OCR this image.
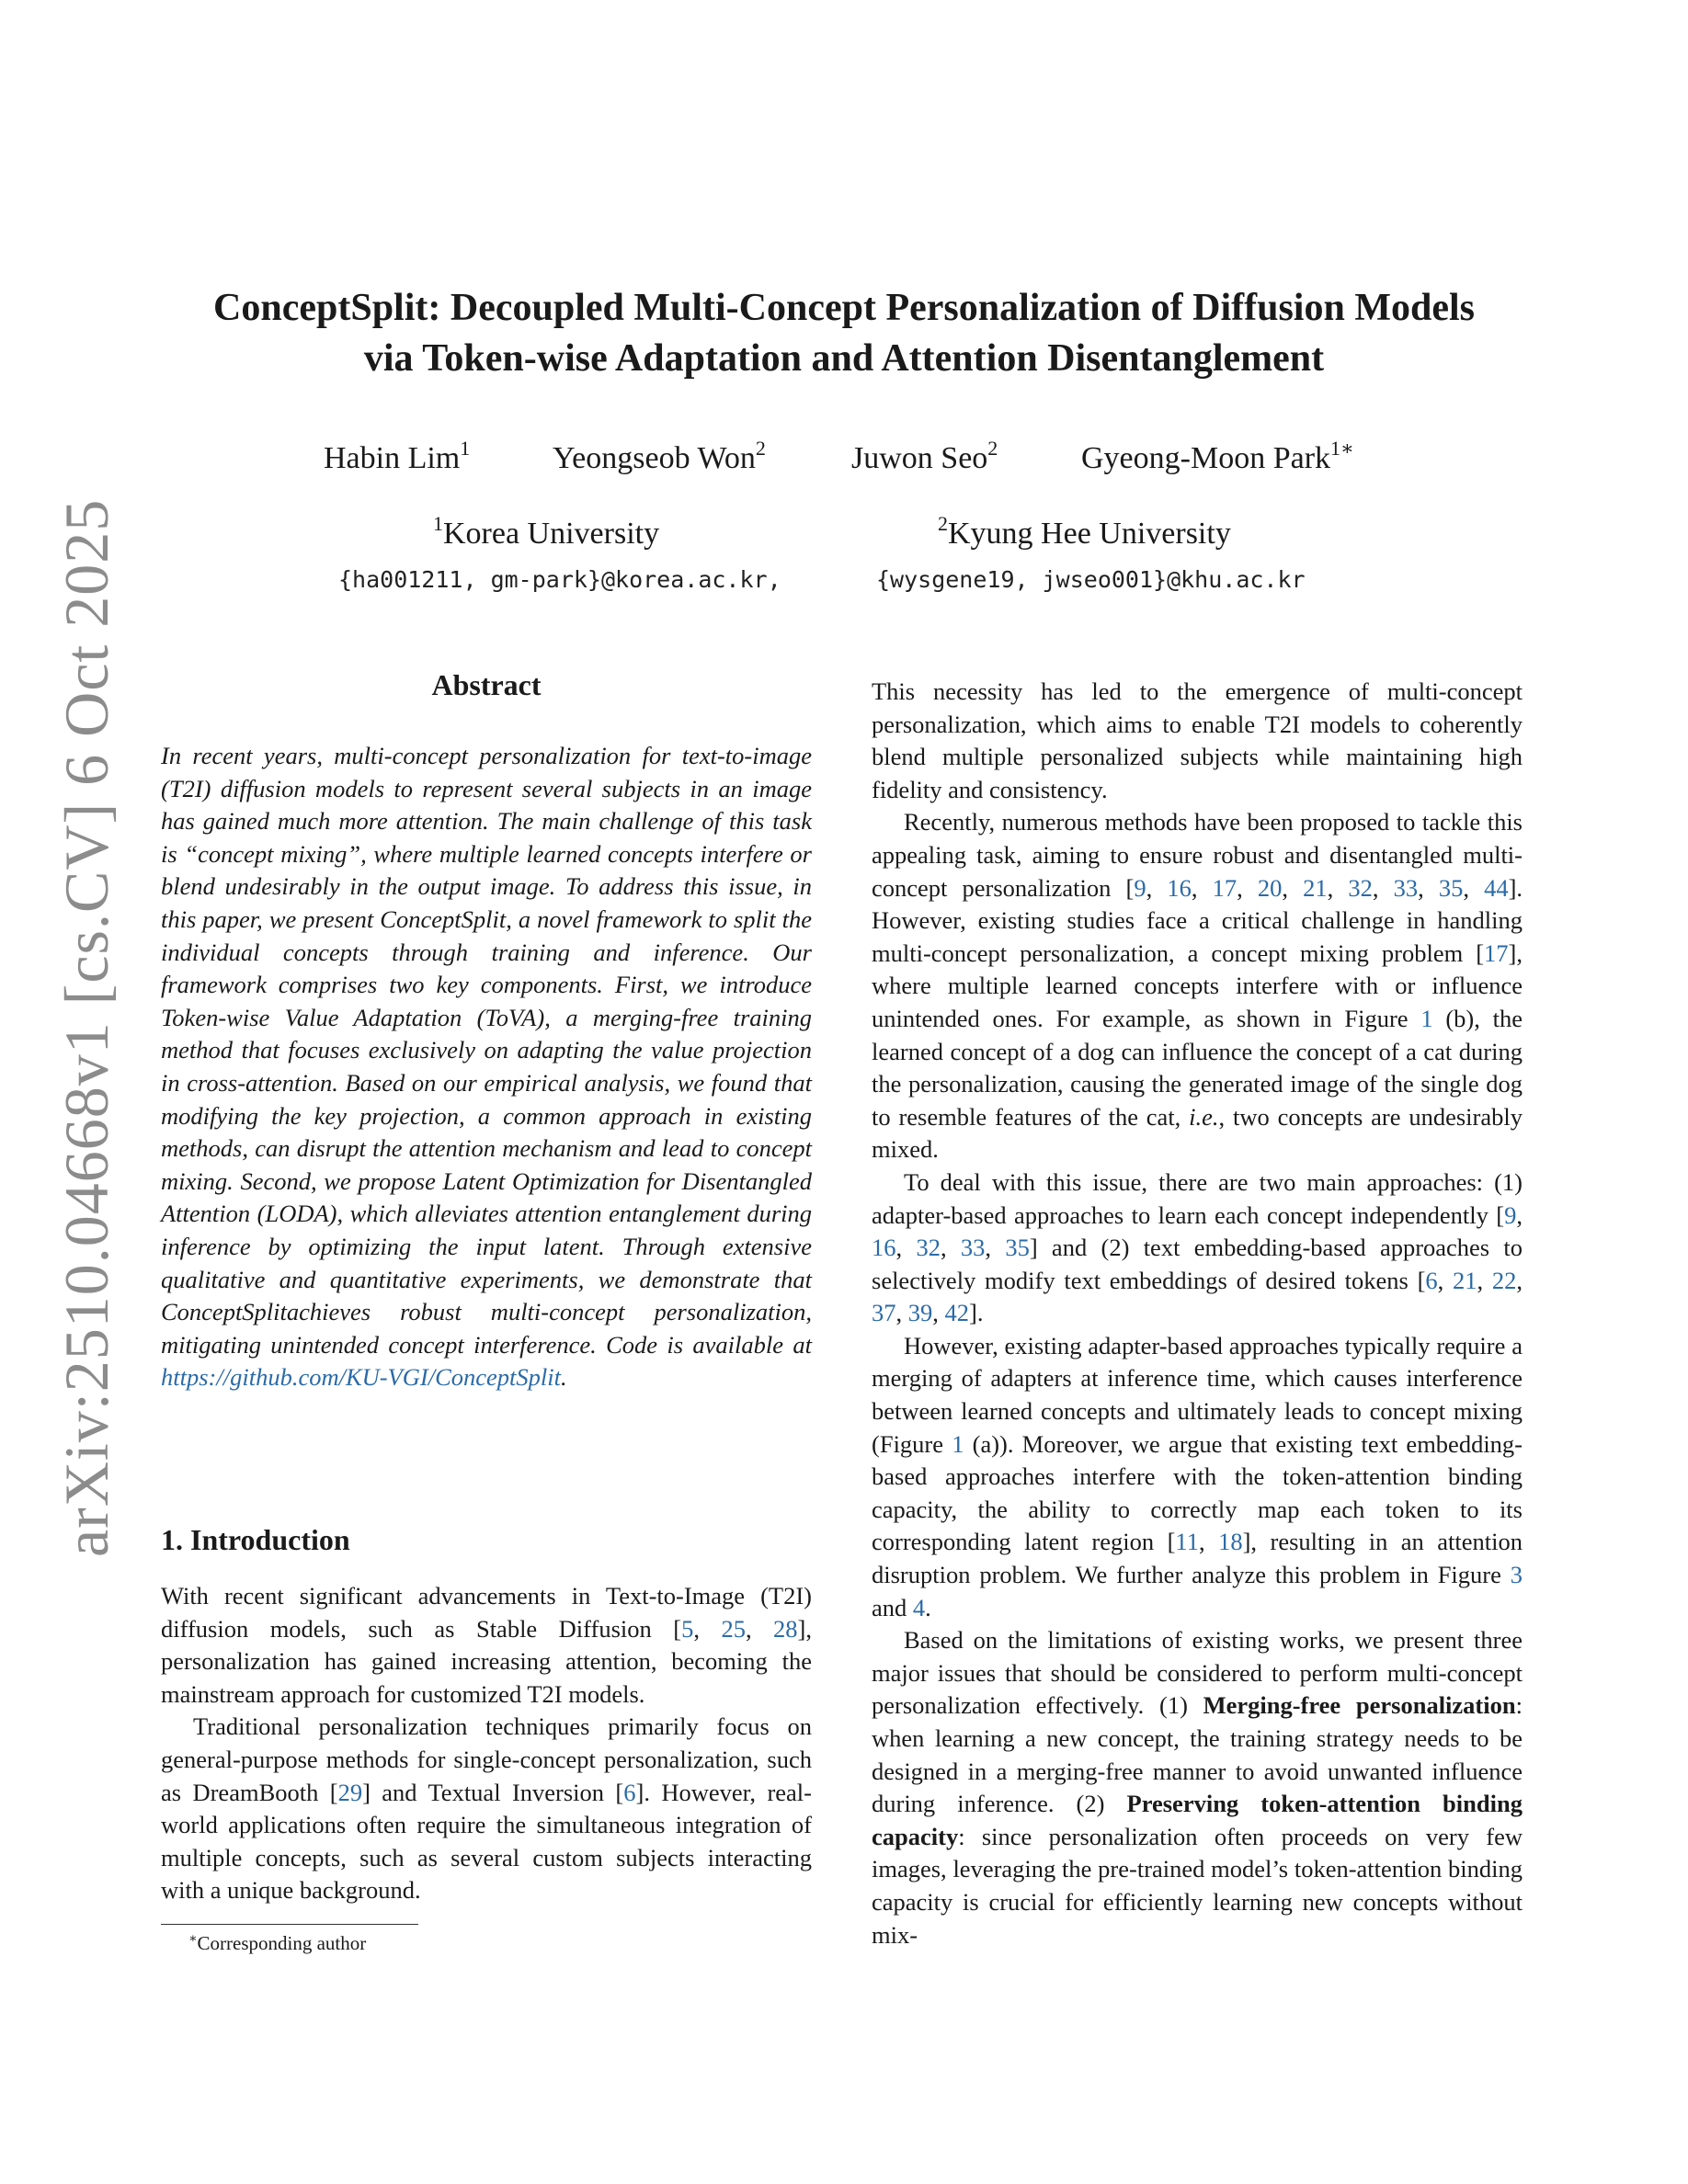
arXiv:2510.04668v1 [cs.CV] 6 Oct 2025
ConceptSplit: Decoupled Multi-Concept Personalization of Diffusion Models
via Token-wise Adaptation and Attention Disentanglement
Habin Lim$^1$	Yeongseob Won$^2$	Juwon Seo$^2$	Gyeong-Moon Park$^{1∗}$
$^1$Korea University	$^2$Kyung Hee University
{ha001211, gm-park}@korea.ac.kr,	{wysgene19, jwseo001}@khu.ac.kr
Abstract
In recent years, multi-concept personalization for text-to-image (T2I) diffusion models to represent several subjects in an image has gained much more attention. The main challenge of this task is “concept mixing”, where multiple learned concepts interfere or blend undesirably in the output image. To address this issue, in this paper, we present ConceptSplit, a novel framework to split the individual concepts through training and inference. Our framework comprises two key components. First, we introduce Token-wise Value Adaptation (ToVA), a merging-free training method that focuses exclusively on adapting the value projection in cross-attention. Based on our empirical analysis, we found that modifying the key projection, a common approach in existing methods, can disrupt the attention mechanism and lead to concept mixing. Second, we propose Latent Optimization for Disentangled Attention (LODA), which alleviates attention entanglement during inference by optimizing the input latent. Through extensive qualitative and quantitative experiments, we demonstrate that ConceptSplitachieves robust multi-concept personalization, mitigating unintended concept interference. Code is available at https://github.com/KU-VGI/ConceptSplit.
1. Introduction

With recent significant advancements in Text-to-Image (T2I) diffusion models, such as Stable Diffusion [5, 25, 28], personalization has gained increasing attention, becoming the mainstream approach for customized T2I models.

Traditional personalization techniques primarily focus on general-purpose methods for single-concept personalization, such as DreamBooth [29] and Textual Inversion [6]. However, real-world applications often require the simultaneous integration of multiple concepts, such as several custom subjects interacting with a unique background.

∗Corresponding author

This necessity has led to the emergence of multi-concept personalization, which aims to enable T2I models to coherently blend multiple personalized subjects while maintaining high fidelity and consistency.

Recently, numerous methods have been proposed to tackle this appealing task, aiming to ensure robust and disentangled multi-concept personalization [9, 16, 17, 20, 21, 32, 33, 35, 44]. However, existing studies face a critical challenge in handling multi-concept personalization, a concept mixing problem [17], where multiple learned concepts interfere with or influence unintended ones. For example, as shown in Figure 1 (b), the learned concept of a dog can influence the concept of a cat during the personalization, causing the generated image of the single dog to resemble features of the cat, i.e., two concepts are undesirably mixed.

To deal with this issue, there are two main approaches: (1) adapter-based approaches to learn each concept independently [9, 16, 32, 33, 35] and (2) text embedding-based approaches to selectively modify text embeddings of desired tokens [6, 21, 22, 37, 39, 42].

However, existing adapter-based approaches typically require a merging of adapters at inference time, which causes interference between learned concepts and ultimately leads to concept mixing (Figure 1 (a)). Moreover, we argue that existing text embedding-based approaches interfere with the token-attention binding capacity, the ability to correctly map each token to its corresponding latent region [11, 18], resulting in an attention disruption problem. We further analyze this problem in Figure 3 and 4.

Based on the limitations of existing works, we present three major issues that should be considered to perform multi-concept personalization effectively. (1) Merging-free personalization: when learning a new concept, the training strategy needs to be designed in a merging-free manner to avoid unwanted influence during inference. (2) Preserving token-attention binding capacity: since personalization often proceeds on very few images, leveraging the pre-trained model’s token-attention binding capacity is crucial for efficiently learning new concepts without mix-
